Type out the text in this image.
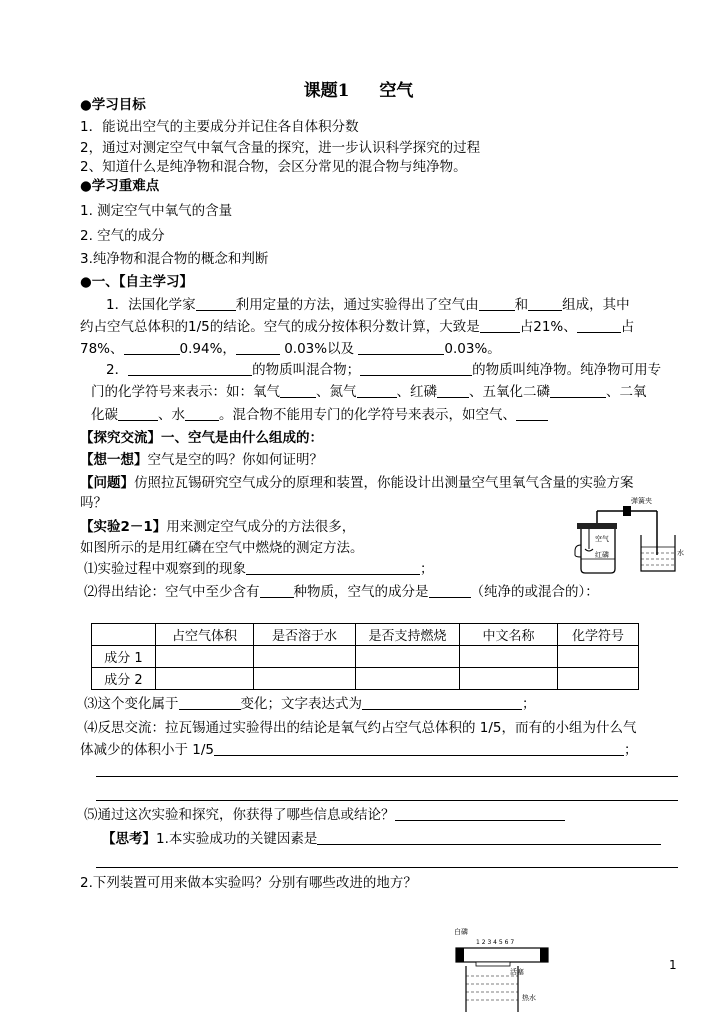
课题1 空气
●学习目标
1．能说出空气的主要成分并记住各自体积分数
2，通过对测定空气中氧气含量的探究，进一步认识科学探究的过程
2、知道什么是纯净物和混合物，会区分常见的混合物与纯净物。
●学习重难点
1. 测定空气中氧气的含量
2. 空气的成分
3.纯净物和混合物的概念和判断
●一、【自主学习】
1．法国化学家	利用定量的方法，通过实验得出了空气由	和	组成，其中
约占空气总体积的1/5的结论。空气的成分按体积分数计算，大致是	占21%、	占
78%、	0.94%，	0.03%以及	0.03%。
2．	的物质叫混合物；	的物质叫纯净物。纯净物可用专
门的化学符号来表示：如：氧气	、氮气	、红磷 、五氧化二磷	、二氧
化碳	、水	。混合物不能用专门的化学符号来表示，如空气、
【探究交流】一、空气是由什么组成的：
【想一想】空气是空的吗？你如何证明？
【问题】仿照拉瓦锡研究空气成分的原理和装置，你能设计出测量空气里氧气含量的实验方案
吗？
【实验2－1】用来测定空气成分的方法很多，
如图所示的是用红磷在空气中燃烧的测定方法。
⑴实验过程中观察到的现象	；
⑵得出结论：空气中至少含有	种物质，空气的成分是	（纯净的或混合的）：
弹簧夹
空气
红磷	水
	占空气体积	是否溶于水	是否支持燃烧	中文名称	化学符号
成分 1					
成分 2					
⑶这个变化属于	变化；文字表达式为	；
⑷反思交流：拉瓦锡通过实验得出的结论是氧气约占空气总体积的 1/5，而有的小组为什么气
体减少的体积小于 1/5	；
⑸通过这次实验和探究，你获得了哪些信息或结论？
【思考】1.本实验成功的关键因素是
2.下列装置可用来做本实验吗？分别有哪些改进的地方？
白磷
1 2 3 4 5 6 7
活塞
热水
1
